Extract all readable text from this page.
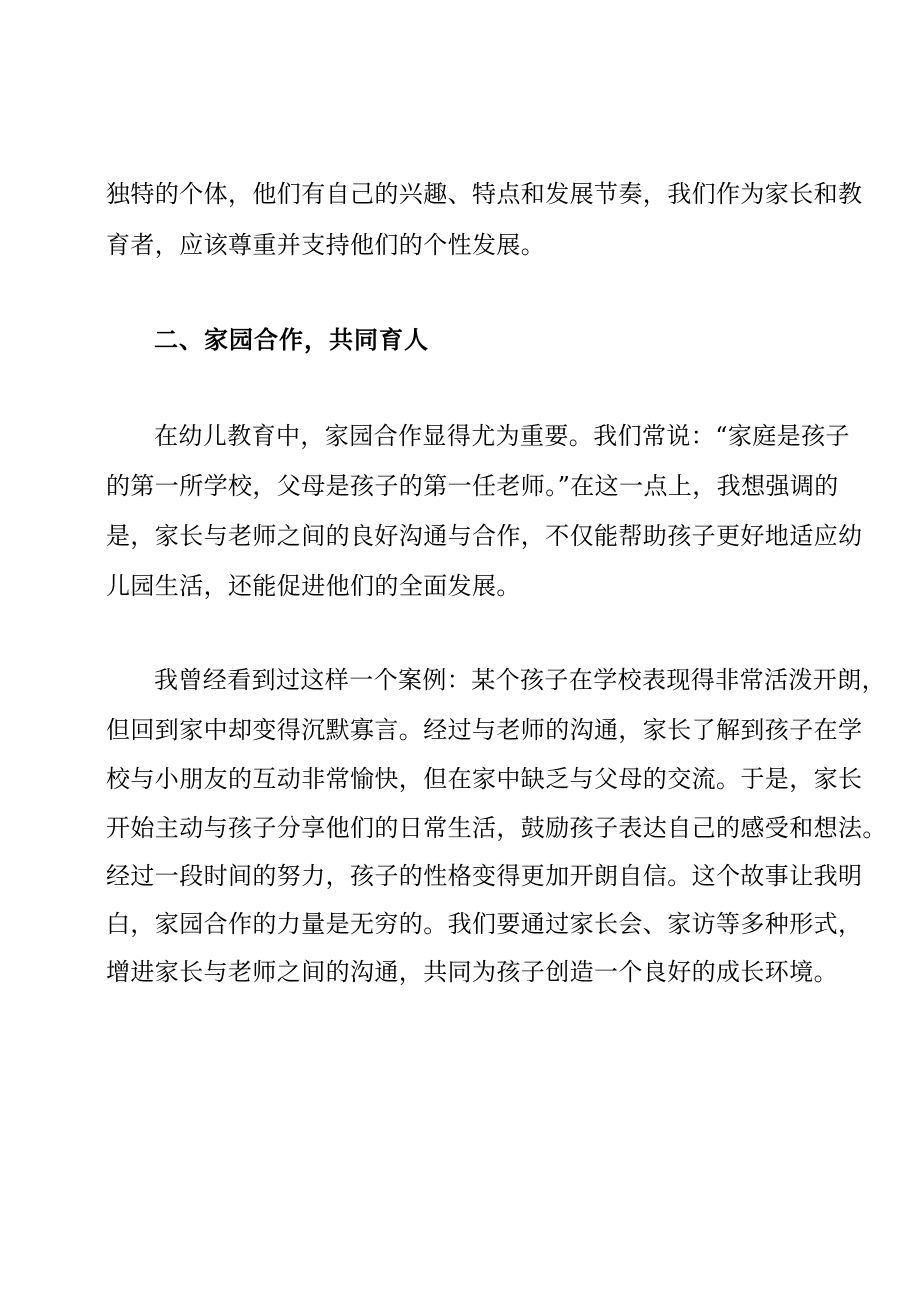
独特的个体，他们有自己的兴趣、特点和发展节奏，我们作为家长和教

育者，应该尊重并支持他们的个性发展。

二、家园合作，共同育人

在幼儿教育中，家园合作显得尤为重要。我们常说：“家庭是孩子

的第一所学校，父母是孩子的第一任老师。”在这一点上，我想强调的

是，家长与老师之间的良好沟通与合作，不仅能帮助孩子更好地适应幼

儿园生活，还能促进他们的全面发展。

我曾经看到过这样一个案例：某个孩子在学校表现得非常活泼开朗，

但回到家中却变得沉默寡言。经过与老师的沟通，家长了解到孩子在学

校与小朋友的互动非常愉快，但在家中缺乏与父母的交流。于是，家长

开始主动与孩子分享他们的日常生活，鼓励孩子表达自己的感受和想法。

经过一段时间的努力，孩子的性格变得更加开朗自信。这个故事让我明

白，家园合作的力量是无穷的。我们要通过家长会、家访等多种形式，

增进家长与老师之间的沟通，共同为孩子创造一个良好的成长环境。
